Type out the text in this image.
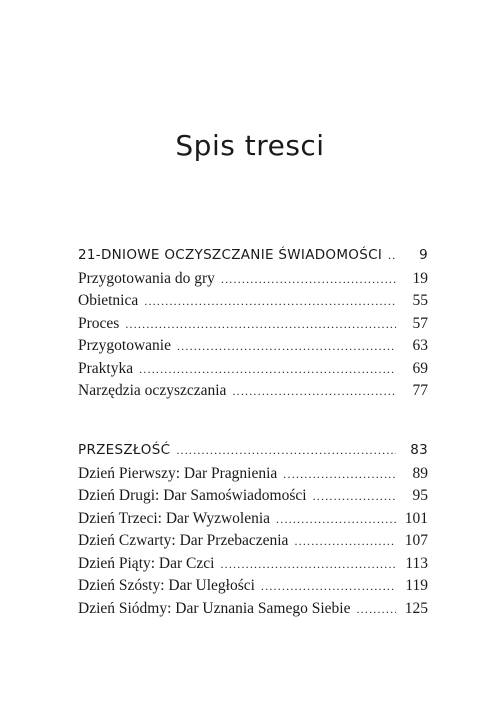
Spis tresci
21-DNIOWE OCZYSZCZANIE ŚWIADOMOŚCI .....	9
Przygotowania do gry .....	19
Obietnica .....	55
Proces .....	57
Przygotowanie .....	63
Praktyka .....	69
Narzędzia oczyszczania .....	77
PRZESZŁOŚĆ .....	83
Dzień Pierwszy: Dar Pragnienia .....	89
Dzień Drugi: Dar Samoświadomości .....	95
Dzień Trzeci: Dar Wyzwolenia .....	101
Dzień Czwarty: Dar Przebaczenia .....	107
Dzień Piąty: Dar Czci .....	113
Dzień Szósty: Dar Uległości .....	119
Dzień Siódmy: Dar Uznania Samego Siebie .....	125
